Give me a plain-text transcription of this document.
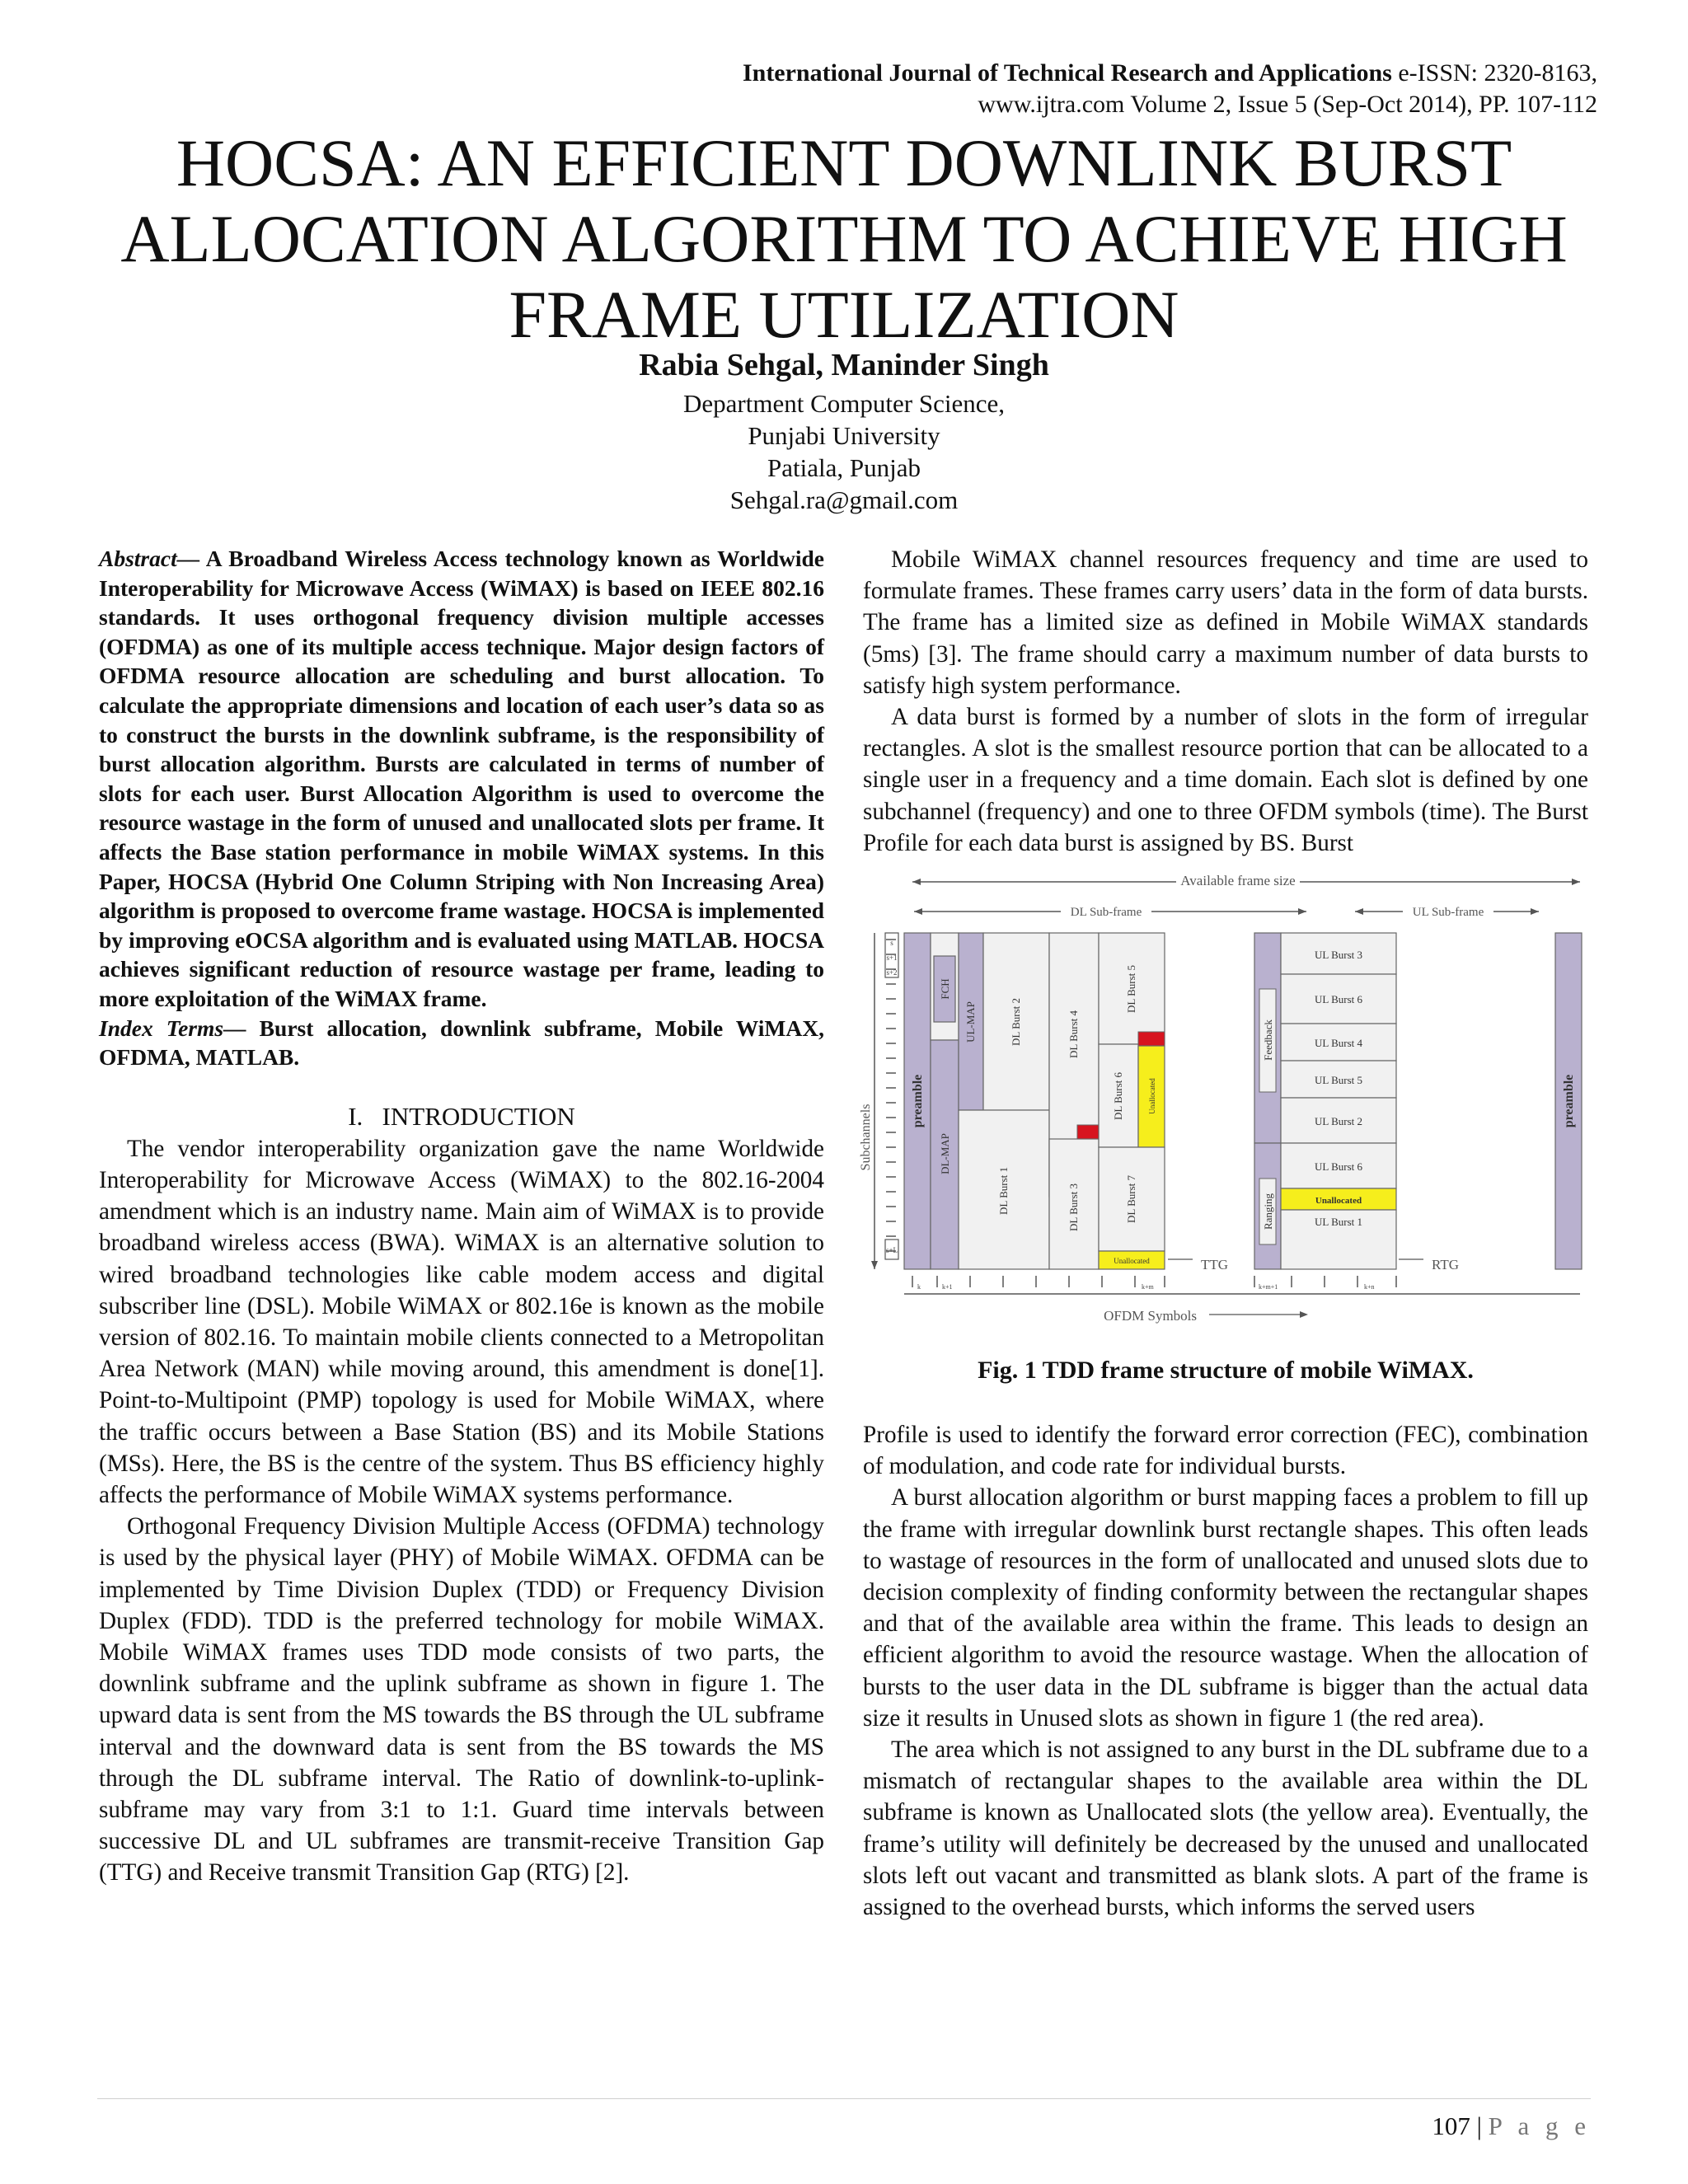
International Journal of Technical Research and Applications e-ISSN: 2320-8163,
www.ijtra.com Volume 2, Issue 5 (Sep-Oct 2014), PP. 107-112
HOCSA: AN EFFICIENT DOWNLINK BURST
ALLOCATION ALGORITHM TO ACHIEVE HIGH
FRAME UTILIZATION
Rabia Sehgal, Maninder Singh
Department Computer Science,
Punjabi University
Patiala, Punjab
Sehgal.ra@gmail.com

Abstract— A Broadband Wireless Access technology known as Worldwide Interoperability for Microwave Access (WiMAX) is based on IEEE 802.16 standards. It uses orthogonal frequency division multiple accesses (OFDMA) as one of its multiple access technique. Major design factors of OFDMA resource allocation are scheduling and burst allocation. To calculate the appropriate dimensions and location of each user’s data so as to construct the bursts in the downlink subframe, is the responsibility of burst allocation algorithm. Bursts are calculated in terms of number of slots for each user. Burst Allocation Algorithm is used to overcome the resource wastage in the form of unused and unallocated slots per frame. It affects the Base station performance in mobile WiMAX systems. In this Paper, HOCSA (Hybrid One Column Striping with Non Increasing Area) algorithm is proposed to overcome frame wastage. HOCSA is implemented by improving eOCSA algorithm and is evaluated using MATLAB. HOCSA achieves significant reduction of resource wastage per frame, leading to more exploitation of the WiMAX frame.

Index Terms— Burst allocation, downlink subframe, Mobile WiMAX, OFDMA, MATLAB.

I.   INTRODUCTION

The vendor interoperability organization gave the name Worldwide Interoperability for Microwave Access (WiMAX) to the 802.16-2004 amendment which is an industry name. Main aim of WiMAX is to provide broadband wireless access (BWA). WiMAX is an alternative solution to wired broadband technologies like cable modem access and digital subscriber line (DSL). Mobile WiMAX or 802.16e is known as the mobile version of 802.16. To maintain mobile clients connected to a Metropolitan Area Network (MAN) while moving around, this amendment is done[1]. Point-to-Multipoint (PMP) topology is used for Mobile WiMAX, where the traffic occurs between a Base Station (BS) and its Mobile Stations (MSs). Here, the BS is the centre of the system. Thus BS efficiency highly affects the performance of Mobile WiMAX systems performance.

Orthogonal Frequency Division Multiple Access (OFDMA) technology is used by the physical layer (PHY) of Mobile WiMAX. OFDMA can be implemented by Time Division Duplex (TDD) or Frequency Division Duplex (FDD). TDD is the preferred technology for mobile WiMAX. Mobile WiMAX frames uses TDD mode consists of two parts, the downlink subframe and the uplink subframe as shown in figure 1. The upward data is sent from the MS towards the BS through the UL subframe interval and the downward data is sent from the BS towards the MS through the DL subframe interval. The Ratio of downlink-to-uplink-subframe may vary from 3:1 to 1:1. Guard time intervals between successive DL and UL subframes are transmit-receive Transition Gap (TTG) and Receive transmit Transition Gap (RTG) [2].

Mobile WiMAX channel resources frequency and time are used to formulate frames. These frames carry users’ data in the form of data bursts. The frame has a limited size as defined in Mobile WiMAX standards (5ms) [3]. The frame should carry a maximum number of data bursts to satisfy high system performance.

A data burst is formed by a number of slots in the form of irregular rectangles. A slot is the smallest resource portion that can be allocated to a single user in a frequency and a time domain. Each slot is defined by one subchannel (frequency) and one to three OFDM symbols (time). The Burst Profile for each data burst is assigned by BS. Burst

Available frame size
DL Sub-frame	UL Sub-frame
s
s+1
s+2
s+L
Subchannels
preamble
FCH
DL-MAP
UL-MAP	DL Burst 2
DL Burst 1
DL Burst 4
DL Burst 3
DL Burst 5
DL Burst 6	Unallocated
DL Burst 7
Unallocated	TTG
Feedback
Ranging
UL Burst 3
UL Burst 6
UL Burst 4
UL Burst 5
UL Burst 2
UL Burst 6
Unallocated
UL Burst 1
RTG
preamble
k	k+1	k+m	k+m+1	k+n
OFDM Symbols
Fig. 1 TDD frame structure of mobile WiMAX.

Profile is used to identify the forward error correction (FEC), combination of modulation, and code rate for individual bursts.

A burst allocation algorithm or burst mapping faces a problem to fill up the frame with irregular downlink burst rectangle shapes. This often leads to wastage of resources in the form of unallocated and unused slots due to decision complexity of finding conformity between the rectangular shapes and that of the available area within the frame. This leads to design an efficient algorithm to avoid the resource wastage. When the allocation of bursts to the user data in the DL subframe is bigger than the actual data size it results in Unused slots as shown in figure 1 (the red area).

The area which is not assigned to any burst in the DL subframe due to a mismatch of rectangular shapes to the available area within the DL subframe is known as Unallocated slots (the yellow area). Eventually, the frame’s utility will definitely be decreased by the unused and unallocated slots left out vacant and transmitted as blank slots. A part of the frame is assigned to the overhead bursts, which informs the served users

107 | P a g e
